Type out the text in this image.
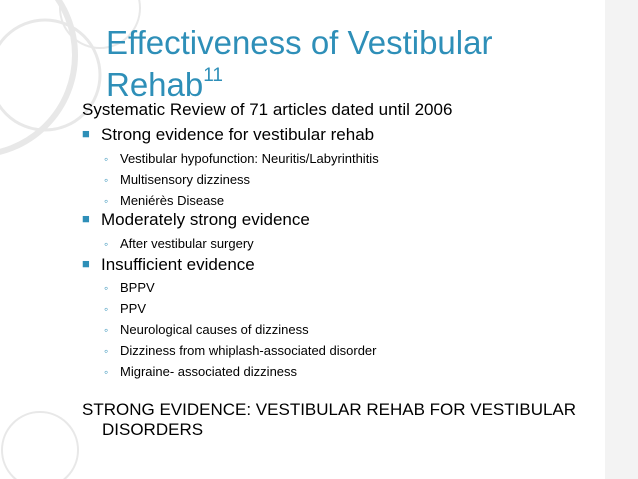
Effectiveness of Vestibular
Rehab$^{11}$
Systematic Review of 71 articles dated until 2006
■ Strong evidence for vestibular rehab
◦ Vestibular hypofunction: Neuritis/Labyrinthitis
◦ Multisensory dizziness
◦ Meniérès Disease
■ Moderately strong evidence
◦ After vestibular surgery
■ Insufficient evidence
◦ BPPV
◦ PPV
◦ Neurological causes of dizziness
◦ Dizziness from whiplash-associated disorder
◦ Migraine- associated dizziness
STRONG EVIDENCE: VESTIBULAR REHAB FOR VESTIBULAR
DISORDERS
